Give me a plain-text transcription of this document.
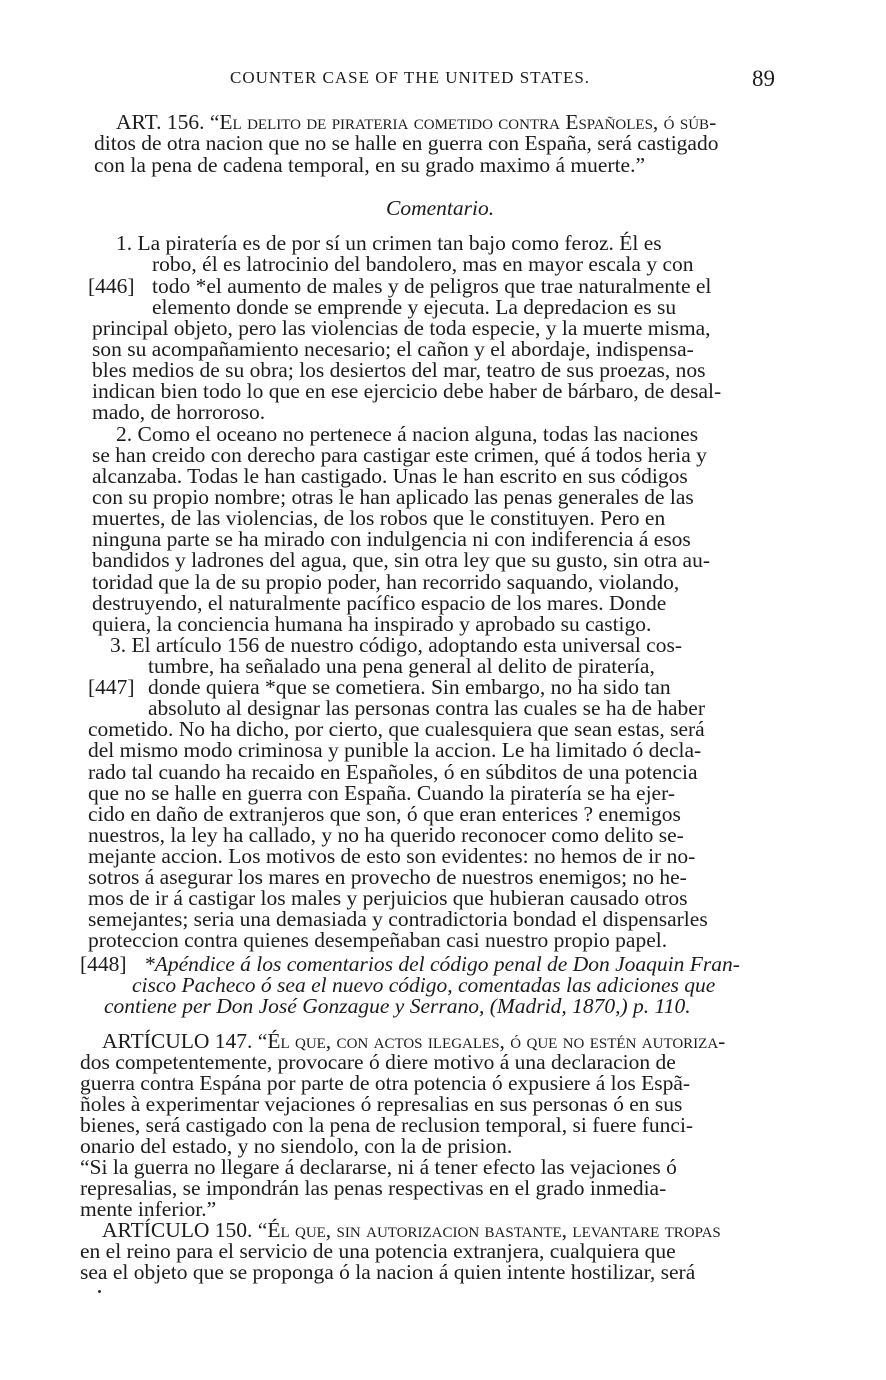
COUNTER CASE OF THE UNITED STATES.	89
ART. 156. “El delito de pirateria cometido contra Españoles, ó súb-
ditos de otra nacion que no se halle en guerra con España, será castigado
con la pena de cadena temporal, en su grado maximo á muerte.”
Comentario.
1. La piratería es de por sí un crimen tan bajo como feroz. Él es
robo, él es latrocinio del bandolero, mas en mayor escala y con
[446] todo *el aumento de males y de peligros que trae naturalmente el
elemento donde se emprende y ejecuta. La depredacion es su
principal objeto, pero las violencias de toda especie, y la muerte misma,
son su acompañamiento necesario; el cañon y el abordaje, indispensa-
bles medios de su obra; los desiertos del mar, teatro de sus proezas, nos
indican bien todo lo que en ese ejercicio debe haber de bárbaro, de desal-
mado, de horroroso.
2. Como el oceano no pertenece á nacion alguna, todas las naciones
se han creido con derecho para castigar este crimen, qué á todos heria y
alcanzaba. Todas le han castigado. Unas le han escrito en sus códigos
con su propio nombre; otras le han aplicado las penas generales de las
muertes, de las violencias, de los robos que le constituyen. Pero en
ninguna parte se ha mirado con indulgencia ni con indiferencia á esos
bandidos y ladrones del agua, que, sin otra ley que su gusto, sin otra au-
toridad que la de su propio poder, han recorrido saquando, violando,
destruyendo, el naturalmente pacífico espacio de los mares. Donde
quiera, la conciencia humana ha inspirado y aprobado su castigo.
3. El artículo 156 de nuestro código, adoptando esta universal cos-
tumbre, ha señalado una pena general al delito de piratería,
[447] donde quiera *que se cometiera. Sin embargo, no ha sido tan
absoluto al designar las personas contra las cuales se ha de haber
cometido. No ha dicho, por cierto, que cualesquiera que sean estas, será
del mismo modo criminosa y punible la accion. Le ha limitado ó decla-
rado tal cuando ha recaido en Españoles, ó en súbditos de una potencia
que no se halle en guerra con España. Cuando la piratería se ha ejer-
cido en daño de extranjeros que son, ó que eran enterices ? enemigos
nuestros, la ley ha callado, y no ha querido reconocer como delito se-
mejante accion. Los motivos de esto son evidentes: no hemos de ir no-
sotros á asegurar los mares en provecho de nuestros enemigos; no he-
mos de ir á castigar los males y perjuicios que hubieran causado otros
semejantes; seria una demasiada y contradictoria bondad el dispensarles
proteccion contra quienes desempeñaban casi nuestro propio papel.
[448] *Apéndice á los comentarios del código penal de Don Joaquin Fran-
cisco Pacheco ó sea el nuevo código, comentadas las adiciones que
contiene per Don José Gonzague y Serrano, (Madrid, 1870,) p. 110.
ARTÍCULO 147. “Él que, con actos ilegales, ó que no estén autoriza-
dos competentemente, provocare ó diere motivo á una declaracion de
guerra contra Espána por parte de otra potencia ó expusiere á los Espã-
ñoles à experimentar vejaciones ó represalias en sus personas ó en sus
bienes, será castigado con la pena de reclusion temporal, si fuere funci-
onario del estado, y no siendolo, con la de prision.
“Si la guerra no llegare á declararse, ni á tener efecto las vejaciones ó
represalias, se impondrán las penas respectivas en el grado inmedia-
mente inferior.”
ARTÍCULO 150. “Él que, sin autorizacion bastante, levantare tropas
en el reino para el servicio de una potencia extranjera, cualquiera que
sea el objeto que se proponga ó la nacion á quien intente hostilizar, será
